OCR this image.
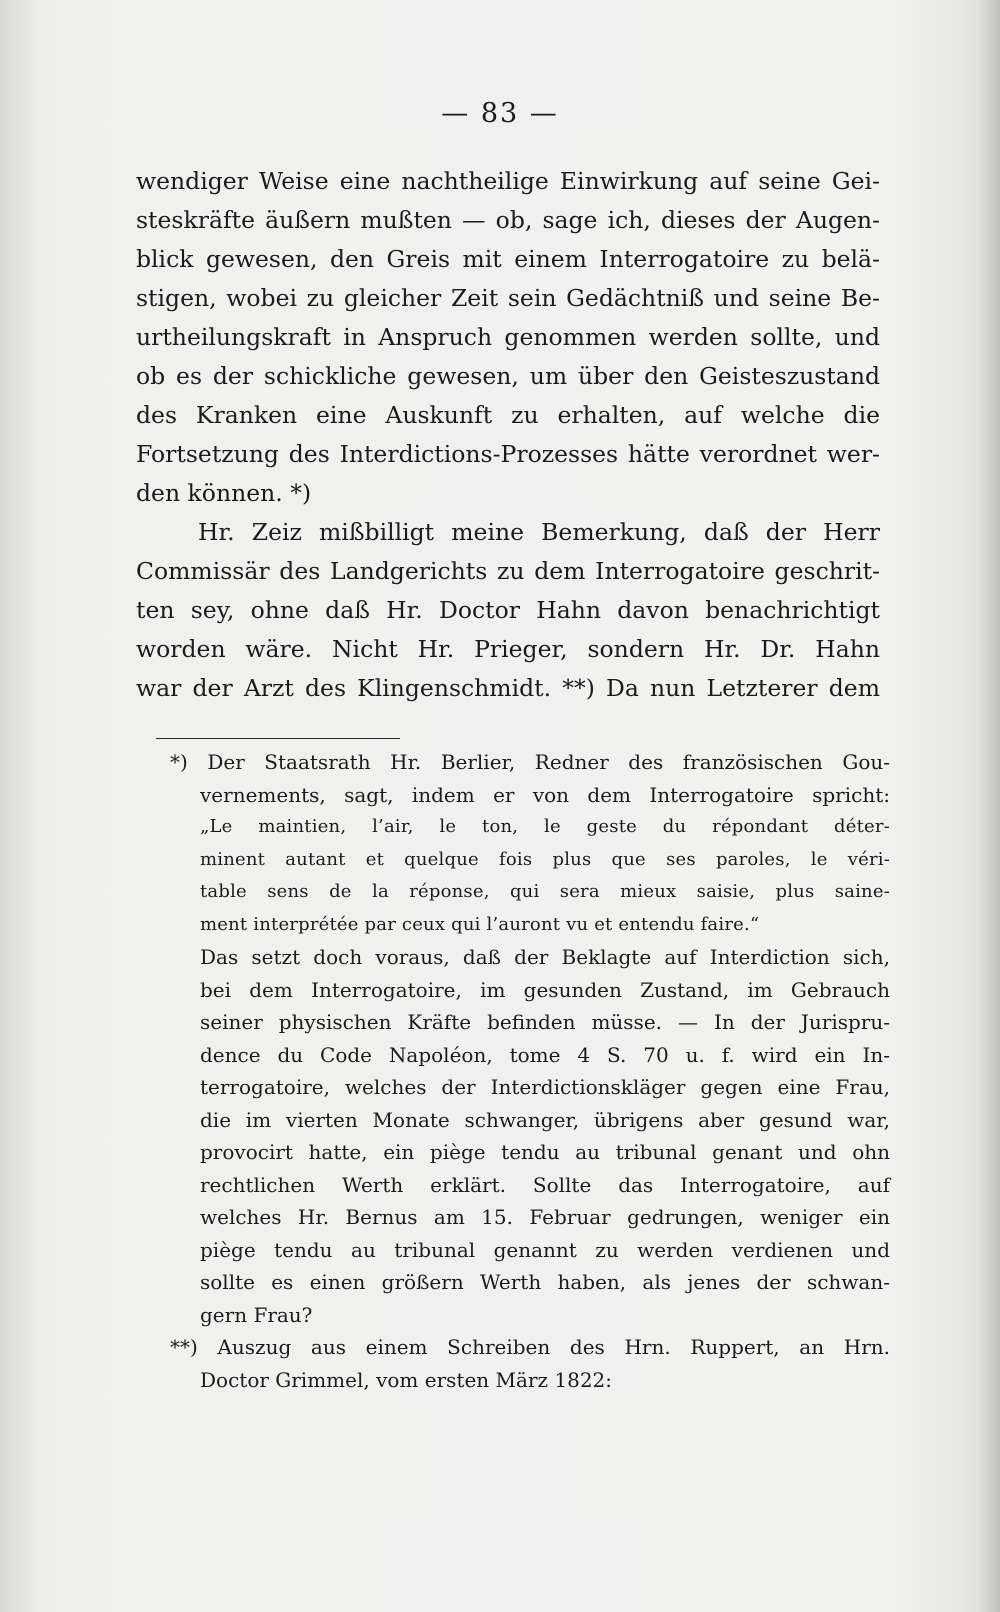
— 83 —
wendiger Weise eine nachtheilige Einwirkung auf seine Gei-
steskräfte äußern mußten — ob, sage ich, dieses der Augen-
blick gewesen, den Greis mit einem Interrogatoire zu belä-
stigen, wobei zu gleicher Zeit sein Gedächtniß und seine Be-
urtheilungskraft in Anspruch genommen werden sollte, und
ob es der schickliche gewesen, um über den Geisteszustand
des Kranken eine Auskunft zu erhalten, auf welche die
Fortsetzung des Interdictions-Prozesses hätte verordnet wer-
den können. *)
Hr. Zeiz mißbilligt meine Bemerkung, daß der Herr
Commissär des Landgerichts zu dem Interrogatoire geschrit-
ten sey, ohne daß Hr. Doctor Hahn davon benachrichtigt
worden wäre. Nicht Hr. Prieger, sondern Hr. Dr. Hahn
war der Arzt des Klingenschmidt. **) Da nun Letzterer dem
*) Der Staatsrath Hr. Berlier, Redner des französischen Gou-
vernements, sagt, indem er von dem Interrogatoire spricht:
„Le maintien, l’air, le ton, le geste du répondant déter-
minent autant et quelque fois plus que ses paroles, le véri-
table sens de la réponse, qui sera mieux saisie, plus saine-
ment interprétée par ceux qui l’auront vu et entendu faire.“
Das setzt doch voraus, daß der Beklagte auf Interdiction sich,
bei dem Interrogatoire, im gesunden Zustand, im Gebrauch
seiner physischen Kräfte befinden müsse. — In der Jurispru-
dence du Code Napoléon, tome 4 S. 70 u. f. wird ein In-
terrogatoire, welches der Interdictionskläger gegen eine Frau,
die im vierten Monate schwanger, übrigens aber gesund war,
provocirt hatte, ein piège tendu au tribunal genant und ohn
rechtlichen Werth erklärt. Sollte das Interrogatoire, auf
welches Hr. Bernus am 15. Februar gedrungen, weniger ein
piège tendu au tribunal genannt zu werden verdienen und
sollte es einen größern Werth haben, als jenes der schwan-
gern Frau?
**) Auszug aus einem Schreiben des Hrn. Ruppert, an Hrn.
Doctor Grimmel, vom ersten März 1822:
